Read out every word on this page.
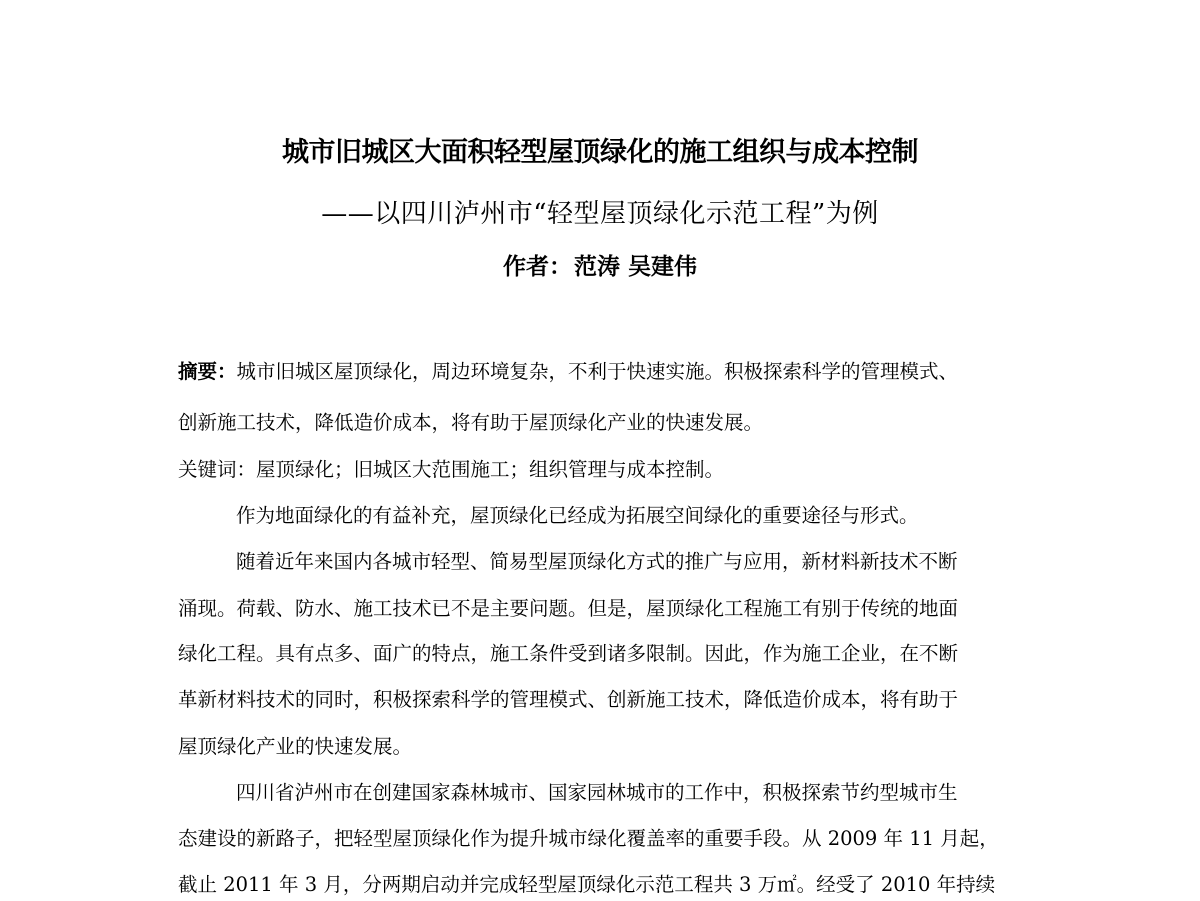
城市旧城区大面积轻型屋顶绿化的施工组织与成本控制
——以四川泸州市“轻型屋顶绿化示范工程”为例
作者：范涛 吴建伟
摘要：城市旧城区屋顶绿化，周边环境复杂，不利于快速实施。积极探索科学的管理模式、
创新施工技术，降低造价成本，将有助于屋顶绿化产业的快速发展。
关键词：屋顶绿化；旧城区大范围施工；组织管理与成本控制。
作为地面绿化的有益补充，屋顶绿化已经成为拓展空间绿化的重要途径与形式。
随着近年来国内各城市轻型、简易型屋顶绿化方式的推广与应用，新材料新技术不断
涌现。荷载、防水、施工技术已不是主要问题。但是，屋顶绿化工程施工有别于传统的地面
绿化工程。具有点多、面广的特点，施工条件受到诸多限制。因此，作为施工企业，在不断
革新材料技术的同时，积极探索科学的管理模式、创新施工技术，降低造价成本，将有助于
屋顶绿化产业的快速发展。
四川省泸州市在创建国家森林城市、国家园林城市的工作中，积极探索节约型城市生
态建设的新路子，把轻型屋顶绿化作为提升城市绿化覆盖率的重要手段。从 2009 年 11 月起，
截止 2011 年 3 月，分两期启动并完成轻型屋顶绿化示范工程共 3 万㎡。经受了 2010 年持续
